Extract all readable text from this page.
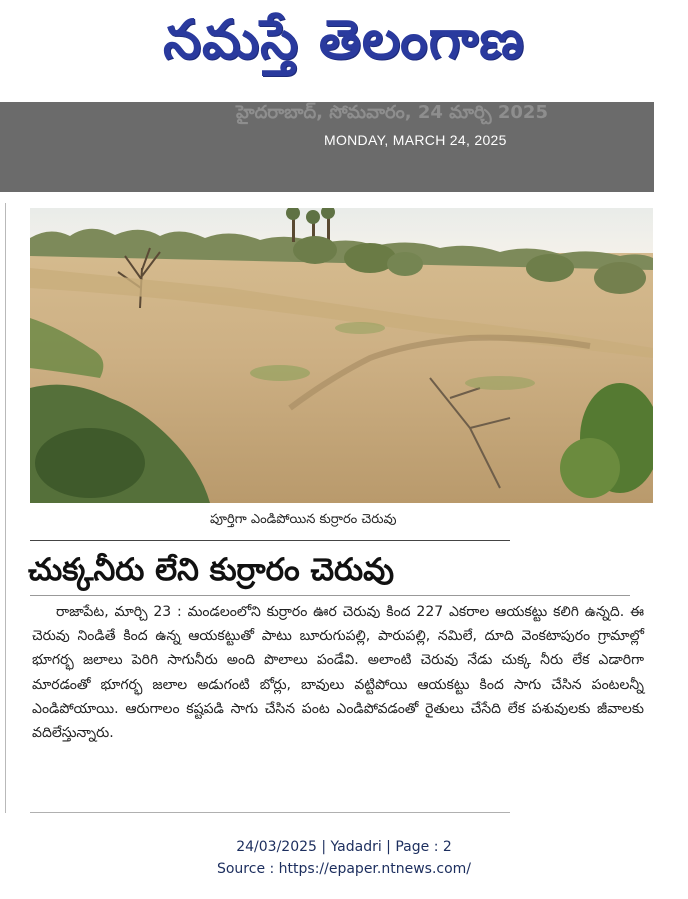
నమస్తే తెలంగాణ
హైదరాబాద్, సోమవారం, 24 మార్చి 2025
MONDAY, MARCH 24, 2025
పూర్తిగా ఎండిపోయిన కుర్రారం చెరువు
చుక్కనీరు లేని కుర్రారం చెరువు
రాజాపేట, మార్చి 23 : మండలంలోని కుర్రారం ఊర చెరువు కింద 227 ఎకరాల ఆయకట్టు కలిగి ఉన్నది. ఈ చెరువు నిండితే కింద ఉన్న ఆయకట్టుతో పాటు బూరుగుపల్లి, పారుపల్లి, నమిలే, దూది వెంకటాపురం గ్రామాల్లో భూగర్భ జలాలు పెరిగి సాగునీరు అంది పొలాలు పండేవి. అలాంటి చెరువు నేడు చుక్క నీరు లేక ఎడారిగా మారడంతో భూగర్భ జలాల అడుగంటి బోర్లు, బావులు వట్టిపోయి ఆయకట్టు కింద సాగు చేసిన పంటలన్నీ ఎండిపోయాయి. ఆరుగాలం కష్టపడి సాగు చేసిన పంట ఎండిపోవడంతో రైతులు చేసేది లేక పశువులకు జీవాలకు వదిలేస్తున్నారు.
24/03/2025 | Yadadri | Page : 2
Source : https://epaper.ntnews.com/
